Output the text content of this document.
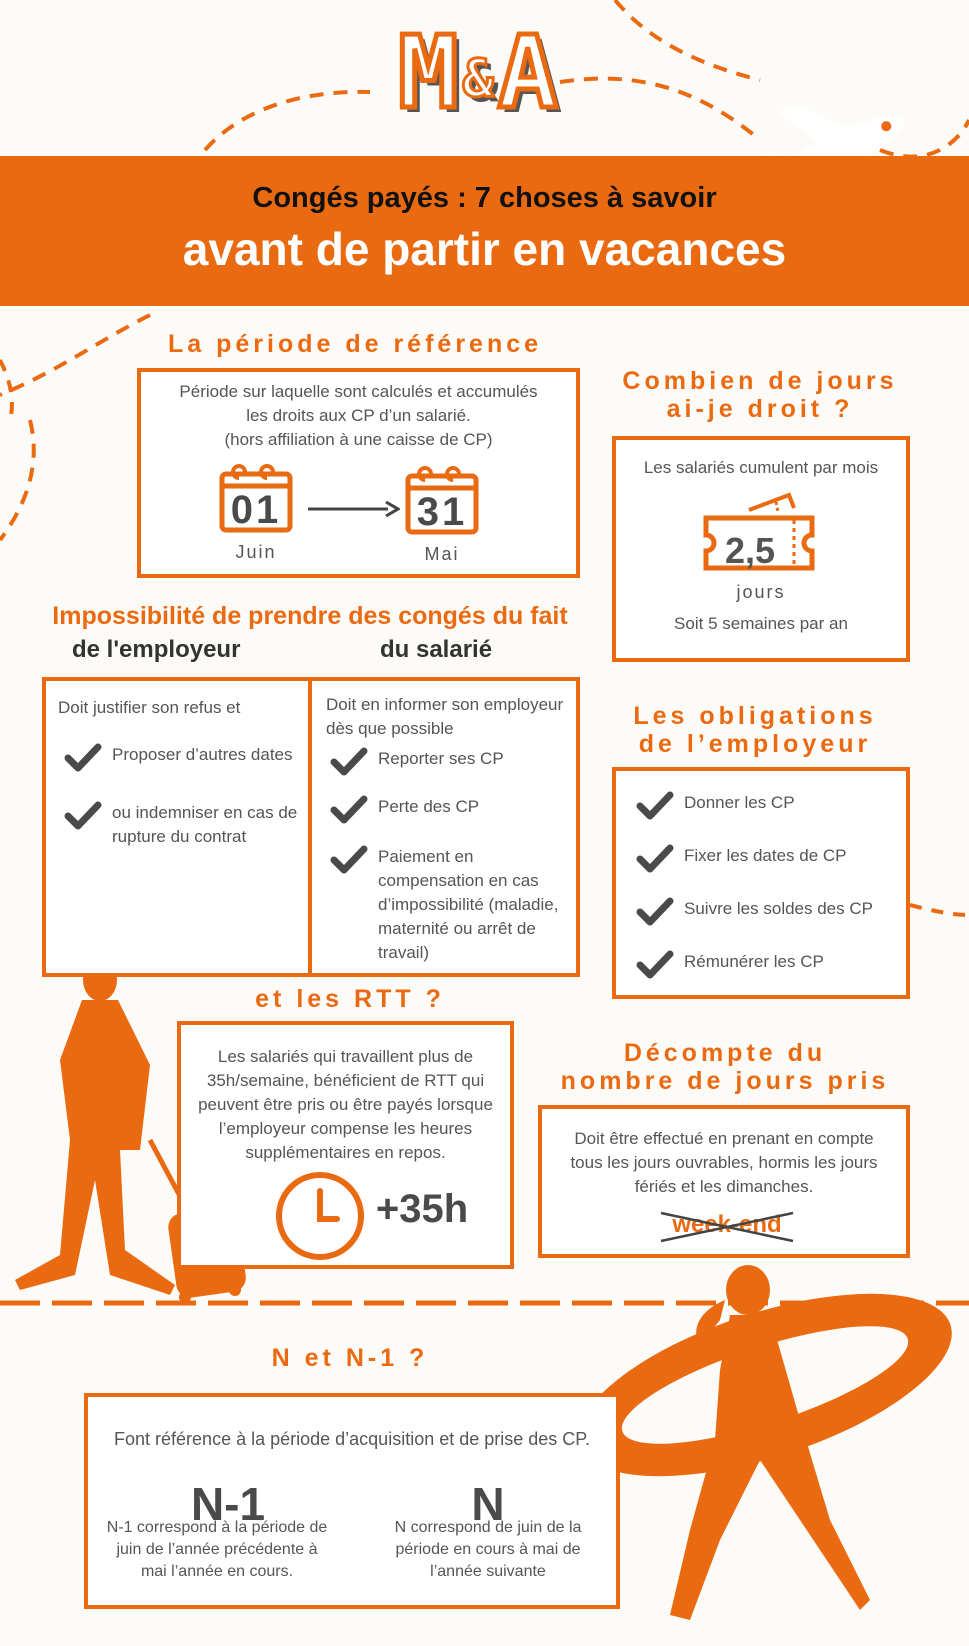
M&A
Congés payés : 7 choses à savoir
avant de partir en vacances
La période de référence
Période sur laquelle sont calculés et accumulés
les droits aux CP d’un salarié.
(hors affiliation à une caisse de CP)
01
Juin
31
Mai
Combien de jours
ai-je droit ?
Les salariés cumulent par mois
2,5
jours
Soit 5 semaines par an
Impossibilité de prendre des congés du fait
de l'employeur	du salarié
Doit justifier son refus et
Proposer d’autres dates
ou indemniser en cas de rupture du contrat
Doit en informer son employeur dès que possible
Reporter ses CP
Perte des CP
Paiement en compensation en cas d’impossibilité (maladie, maternité ou arrêt de travail)
Les obligations
de l’employeur
Donner les CP
Fixer les dates de CP
Suivre les soldes des CP
Rémunérer les CP
et les RTT ?
Les salariés qui travaillent plus de 35h/semaine, bénéficient de RTT qui peuvent être pris ou être payés lorsque l’employeur compense les heures supplémentaires en repos.
+35h
Décompte du
nombre de jours pris
Doit être effectué en prenant en compte tous les jours ouvrables, hormis les jours fériés et les dimanches.
week-end
N et N-1 ?
Font référence à la période d’acquisition et de prise des CP.
N-1
N-1 correspond à la période de juin de l’année précédente à mai l’année en cours.
N
N correspond de juin de la période en cours à mai de l’année suivante
